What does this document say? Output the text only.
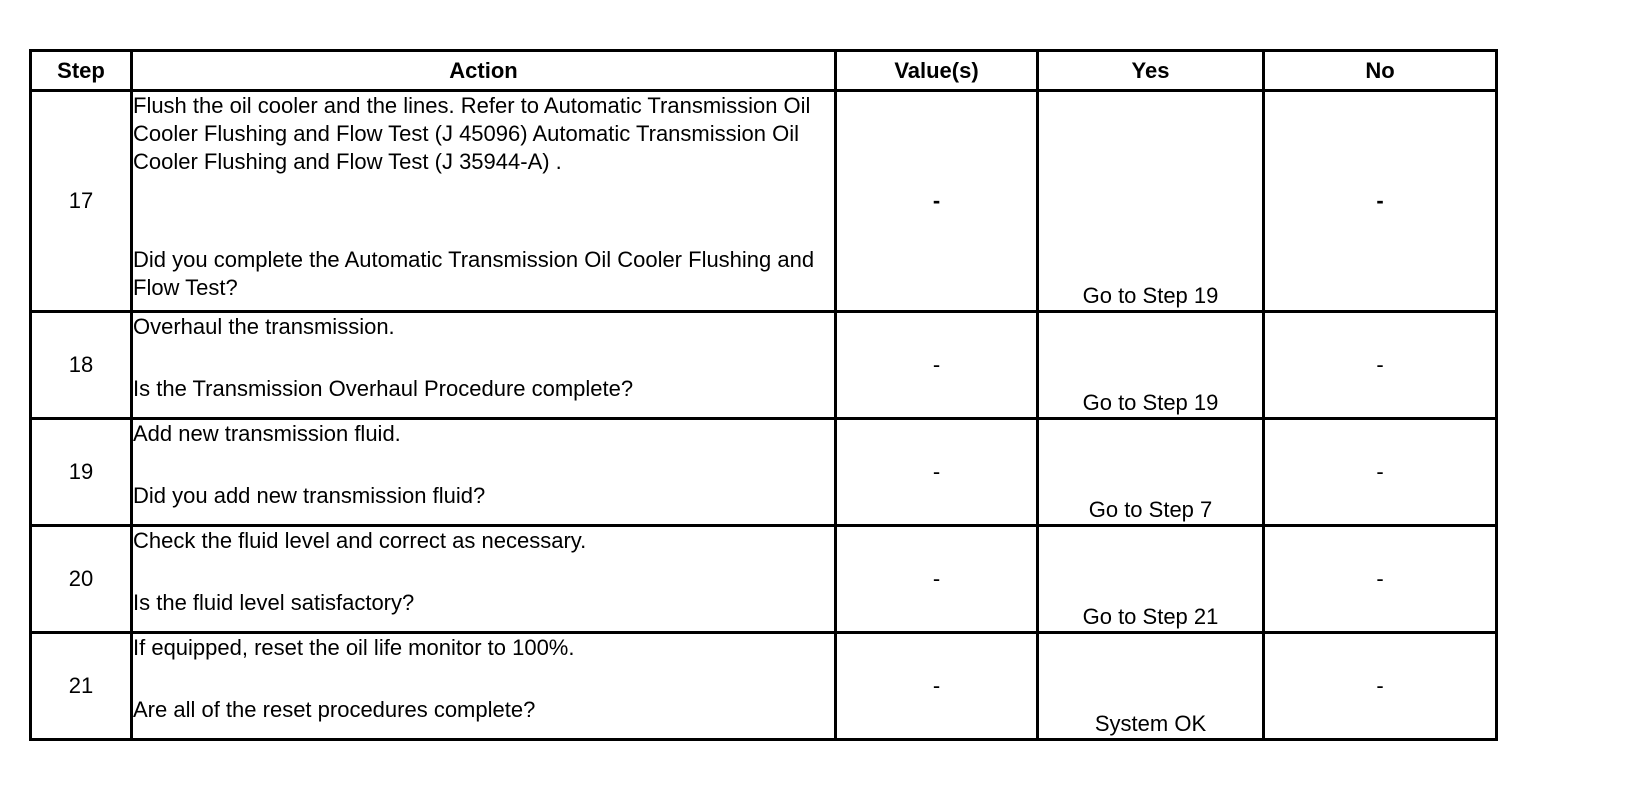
Step	Action	Value(s)	Yes	No
17	Flush the oil cooler and the lines. Refer to Automatic Transmission Oil Cooler Flushing and Flow Test (J 45096) Automatic Transmission Oil Cooler Flushing and Flow Test (J 35944-A) .

Did you complete the Automatic Transmission Oil Cooler Flushing and Flow Test?	-	Go to Step 19	-
18	Overhaul the transmission.

Is the Transmission Overhaul Procedure complete?	-	Go to Step 19	-
19	Add new transmission fluid.

Did you add new transmission fluid?	-	Go to Step 7	-
20	Check the fluid level and correct as necessary.

Is the fluid level satisfactory?	-	Go to Step 21	-
21	If equipped, reset the oil life monitor to 100%.

Are all of the reset procedures complete?	-	System OK	-
